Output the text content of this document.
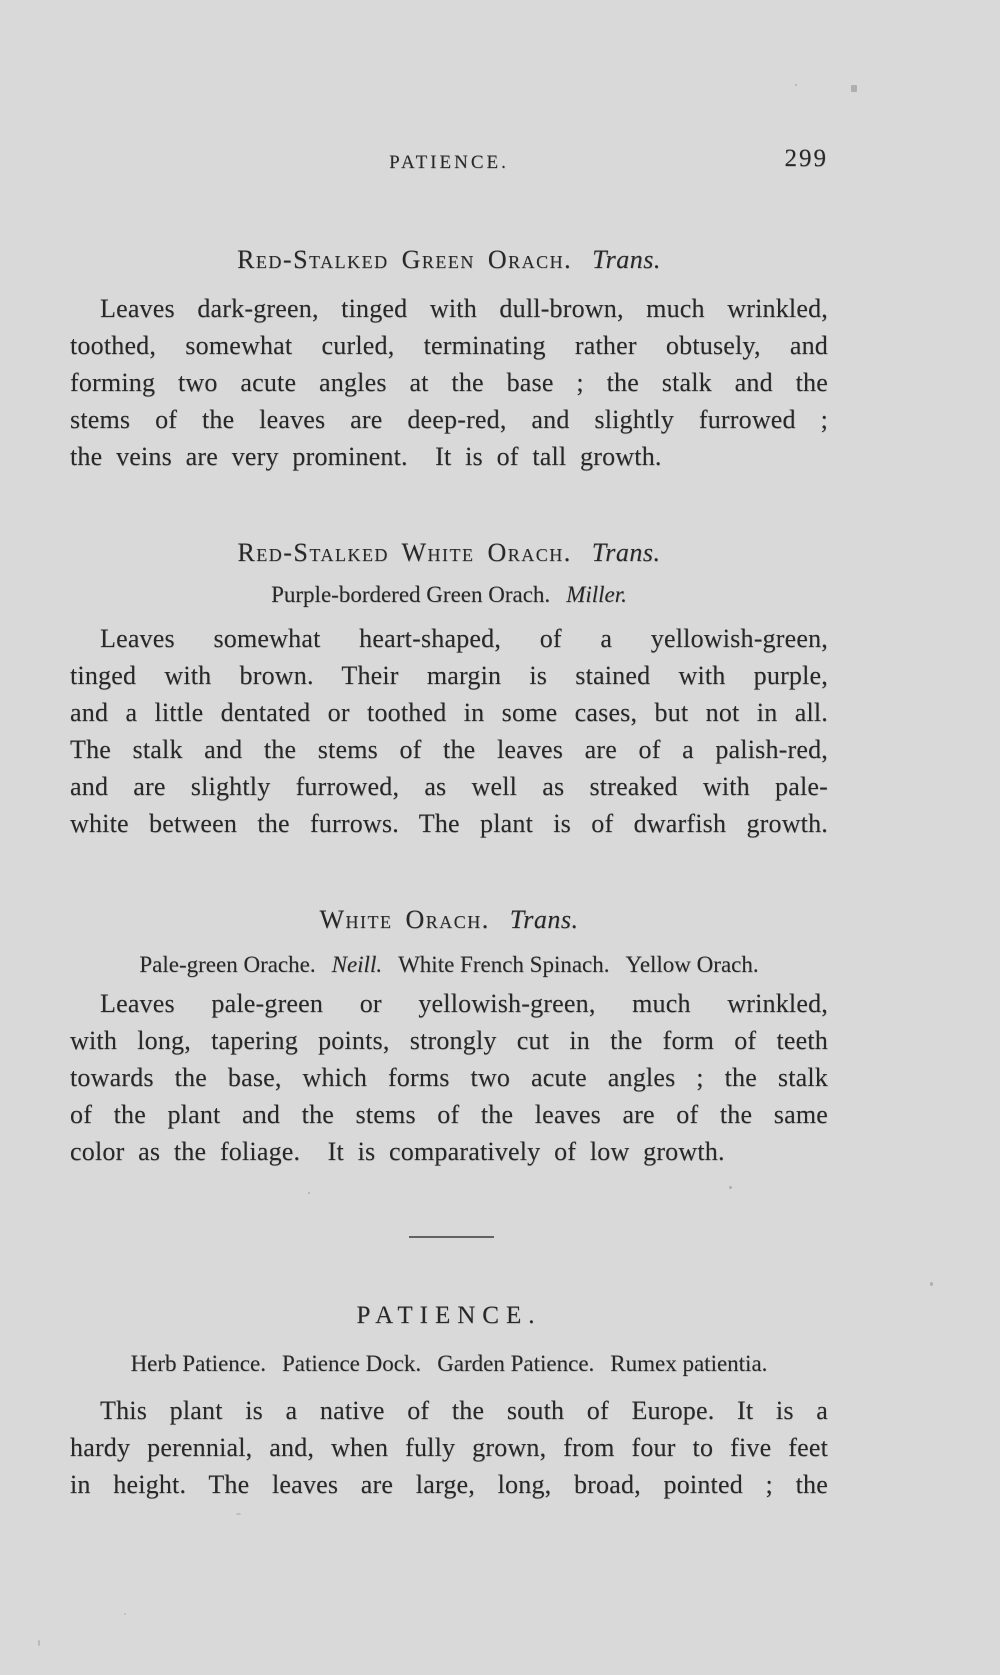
PATIENCE.	299
Red-Stalked Green Orach. Trans.
Leaves dark-green, tinged with dull-brown, much wrinkled,
toothed, somewhat curled, terminating rather obtusely, and
forming two acute angles at the base ; the stalk and the
stems of the leaves are deep-red, and slightly furrowed ;
the veins are very prominent.  It is of tall growth.
Red-Stalked White Orach. Trans.
Purple-bordered Green Orach. Miller.
Leaves somewhat heart-shaped, of a yellowish-green,
tinged with brown. Their margin is stained with purple,
and a little dentated or toothed in some cases, but not in all.
The stalk and the stems of the leaves are of a palish-red,
and are slightly furrowed, as well as streaked with pale-
white between the furrows. The plant is of dwarfish growth.
White Orach. Trans.
Pale-green Orache. Neill. White French Spinach. Yellow Orach.
Leaves pale-green or yellowish-green, much wrinkled,
with long, tapering points, strongly cut in the form of teeth
towards the base, which forms two acute angles ; the stalk
of the plant and the stems of the leaves are of the same
color as the foliage.  It is comparatively of low growth.
PATIENCE.
Herb Patience. Patience Dock. Garden Patience. Rumex patientia.
This plant is a native of the south of Europe. It is a
hardy perennial, and, when fully grown, from four to five feet
in height. The leaves are large, long, broad, pointed ; the
